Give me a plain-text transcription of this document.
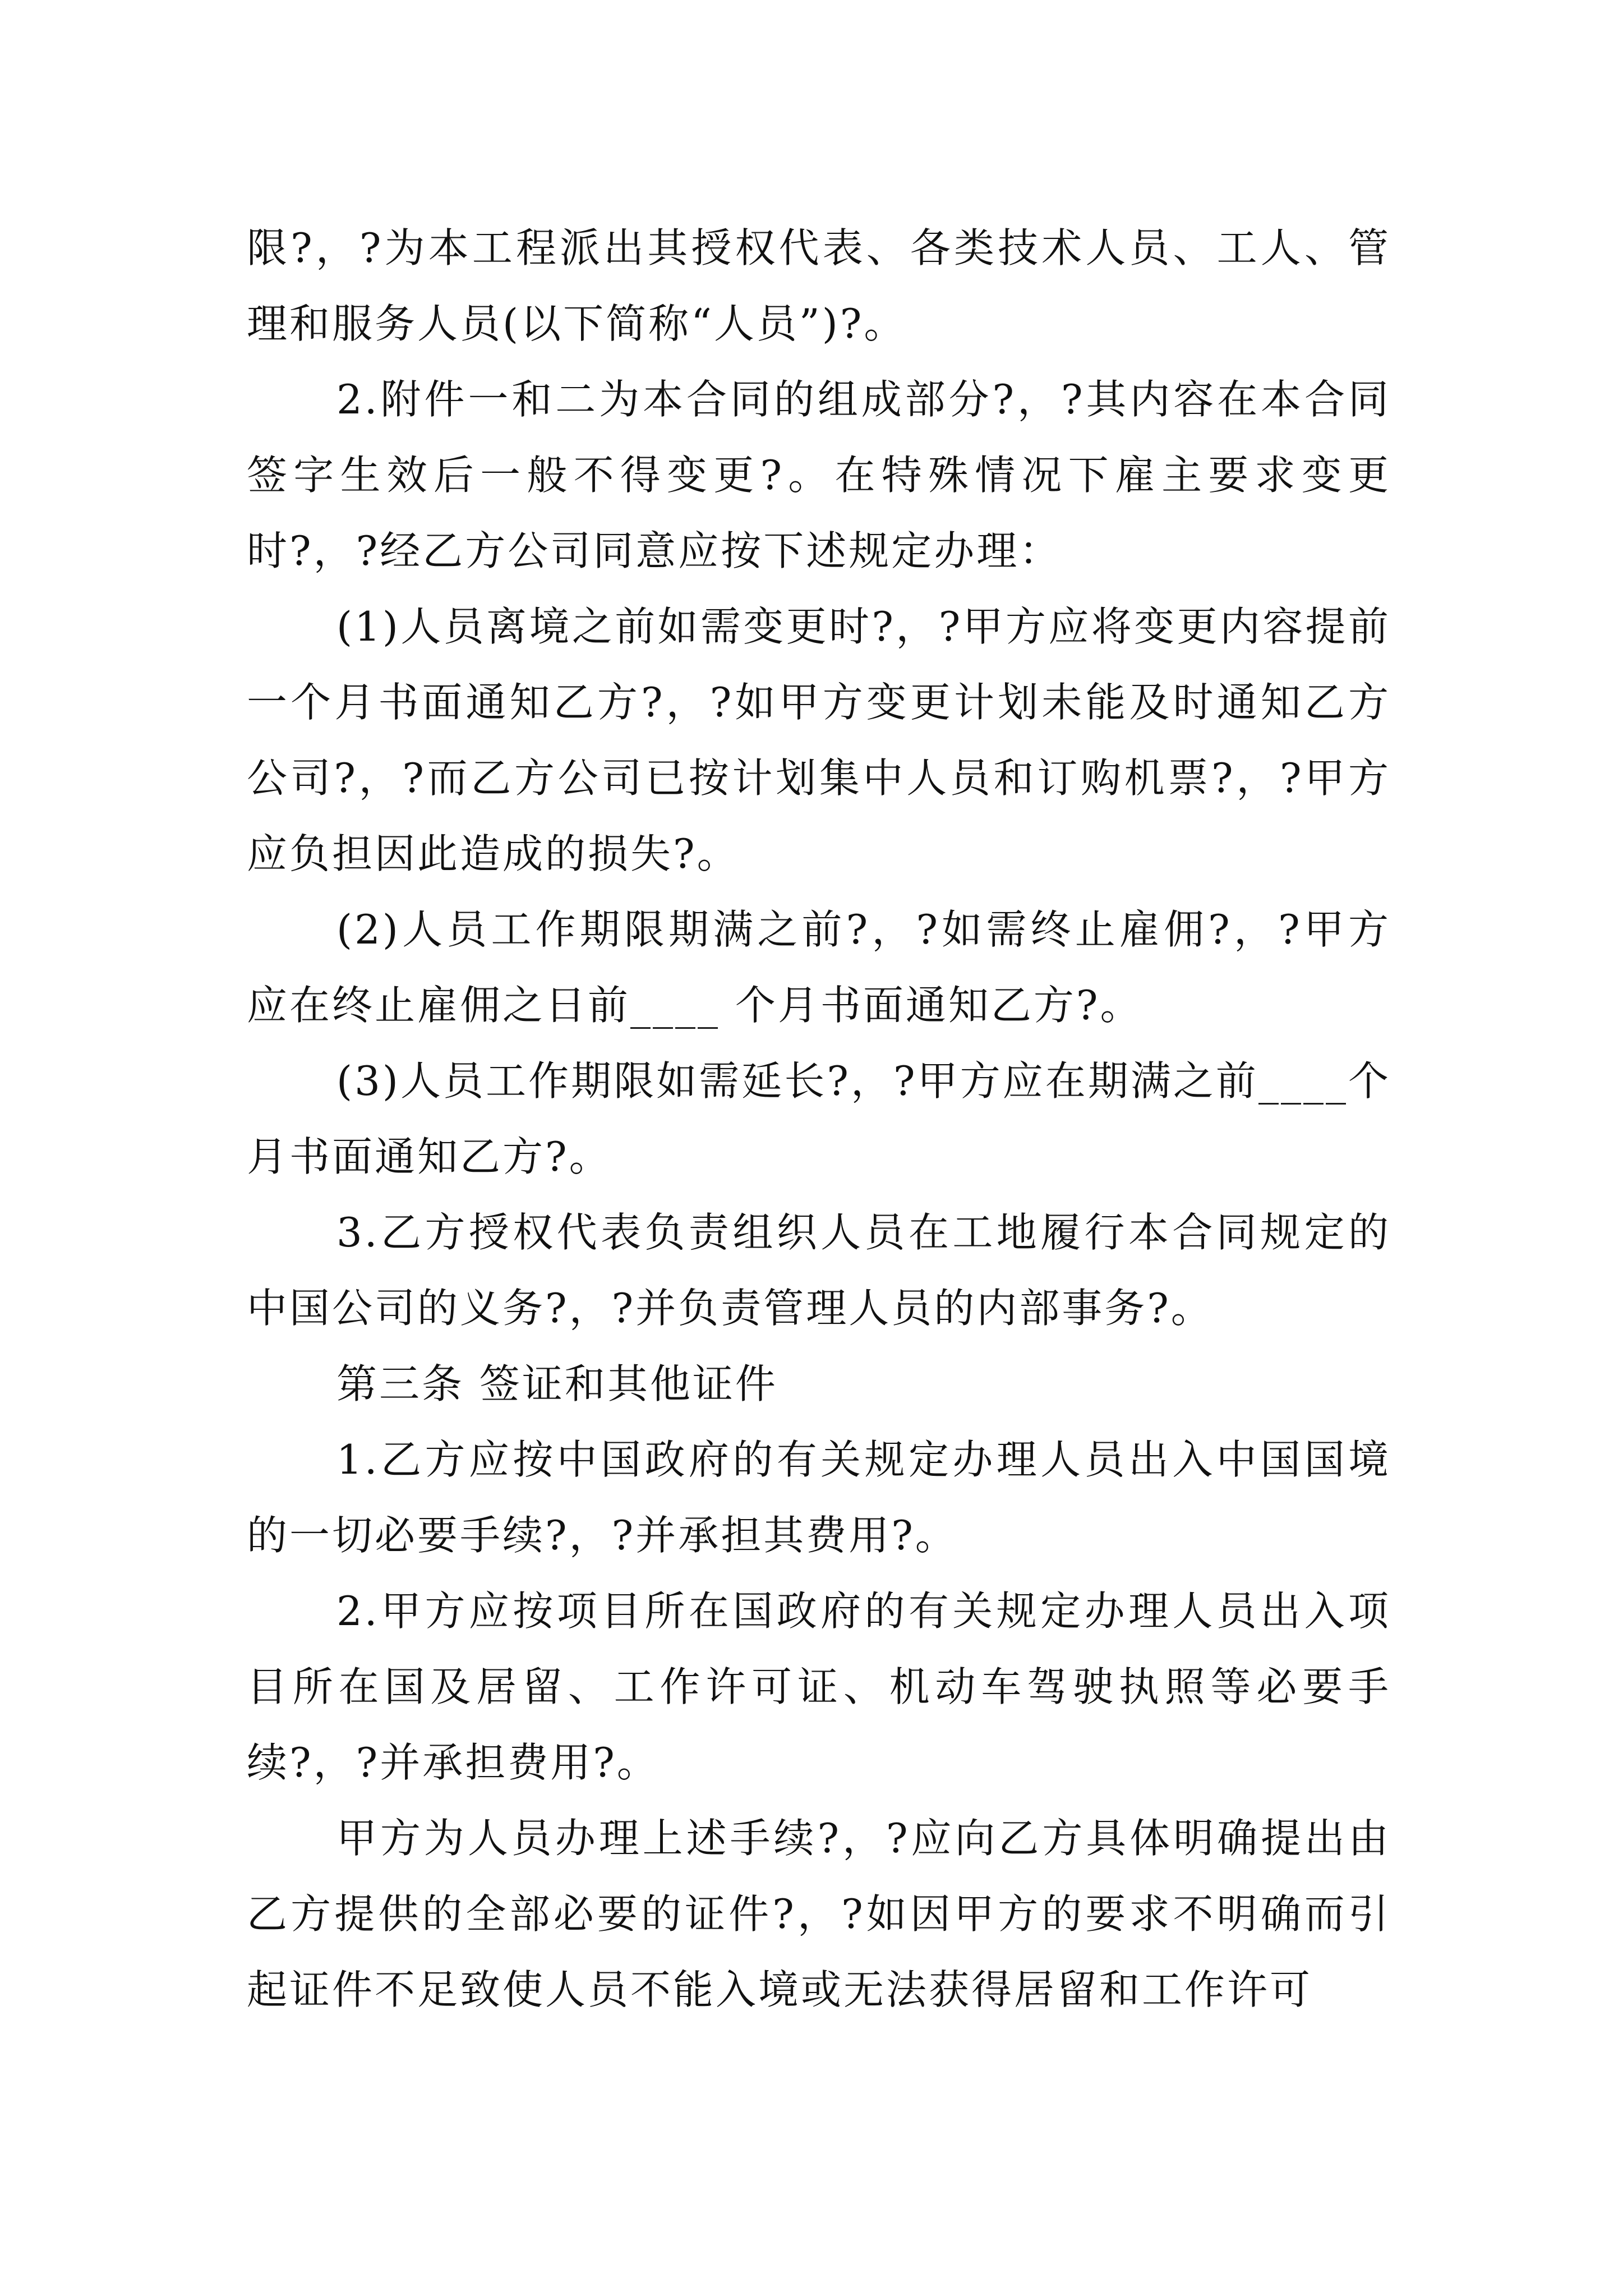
限?，?为本工程派出其授权代表、各类技术人员、工人、管理和服务人员(以下简称“人员”)?。

2.附件一和二为本合同的组成部分?，?其内容在本合同签字生效后一般不得变更?。在特殊情况下雇主要求变更时?，?经乙方公司同意应按下述规定办理：

(1)人员离境之前如需变更时?，?甲方应将变更内容提前一个月书面通知乙方?，?如甲方变更计划未能及时通知乙方公司?，?而乙方公司已按计划集中人员和订购机票?，?甲方应负担因此造成的损失?。

(2)人员工作期限期满之前?，?如需终止雇佣?，?甲方应在终止雇佣之日前____ 个月书面通知乙方?。

(3)人员工作期限如需延长?，?甲方应在期满之前____个月书面通知乙方?。

3.乙方授权代表负责组织人员在工地履行本合同规定的中国公司的义务?，?并负责管理人员的内部事务?。

第三条 签证和其他证件

1.乙方应按中国政府的有关规定办理人员出入中国国境的一切必要手续?，?并承担其费用?。

2.甲方应按项目所在国政府的有关规定办理人员出入项目所在国及居留、工作许可证、机动车驾驶执照等必要手续?，?并承担费用?。

甲方为人员办理上述手续?，?应向乙方具体明确提出由乙方提供的全部必要的证件?，?如因甲方的要求不明确而引起证件不足致使人员不能入境或无法获得居留和工作许可
